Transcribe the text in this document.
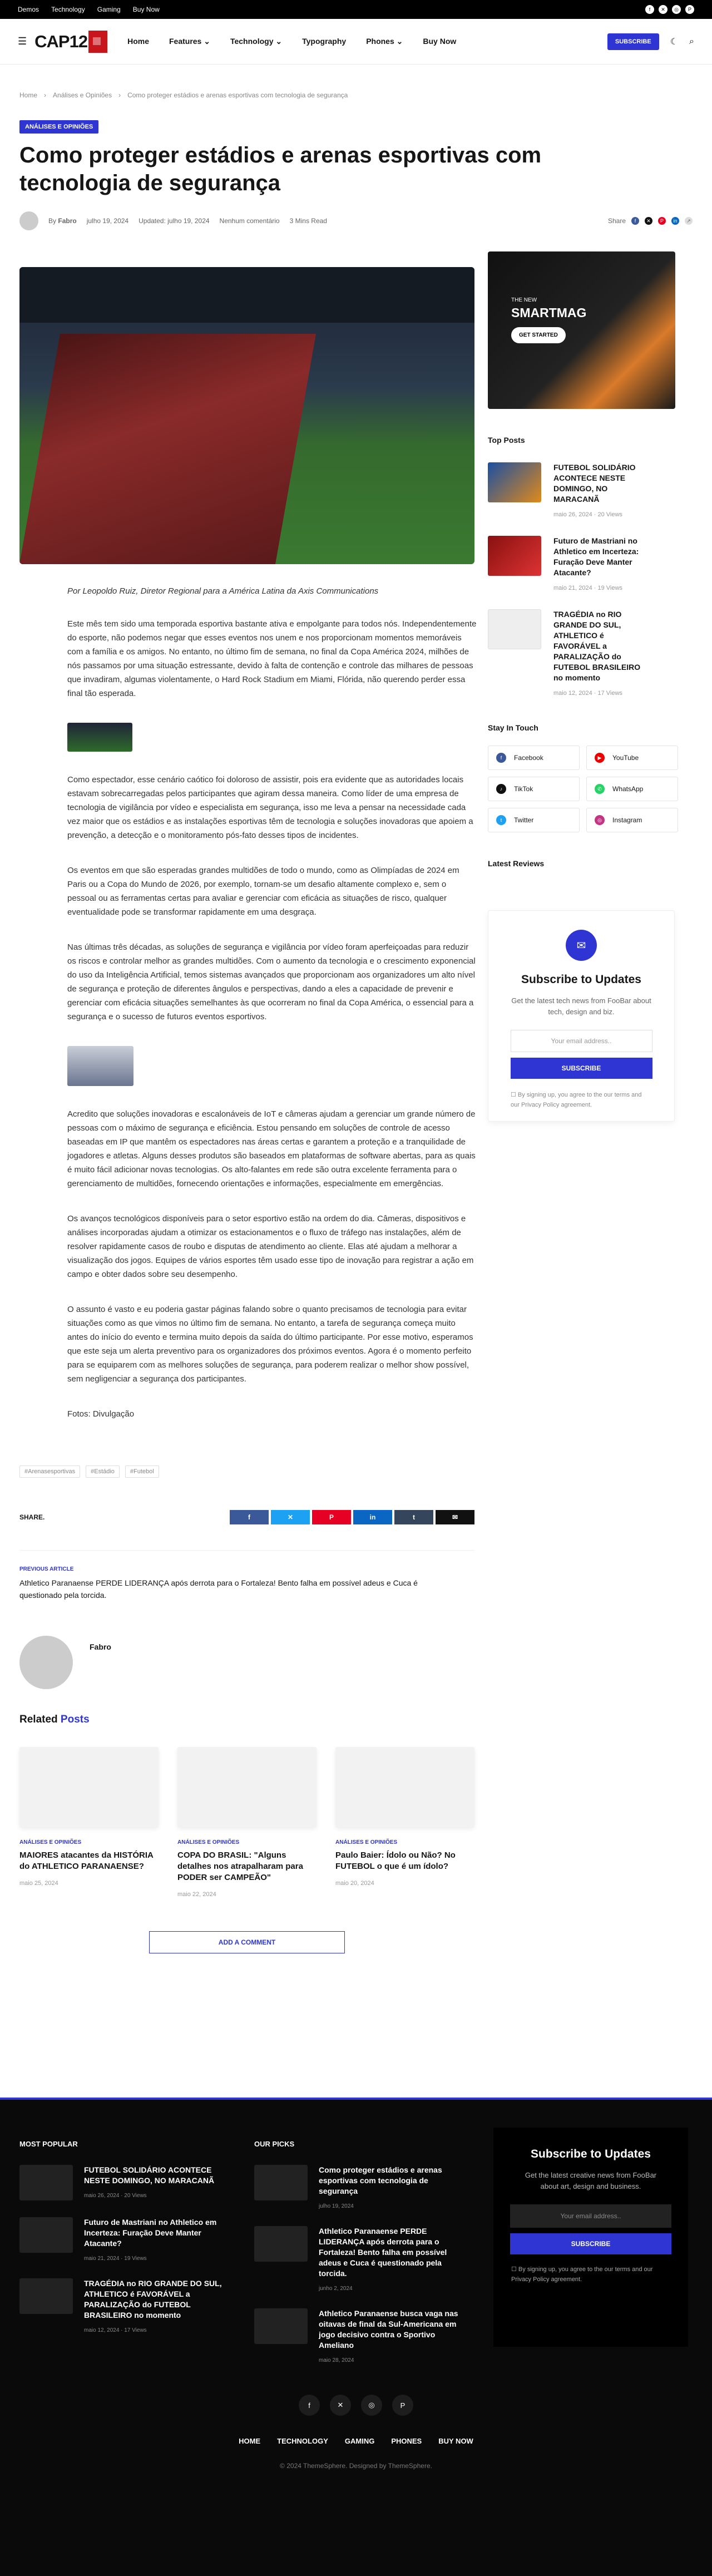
Demos Technology Gaming Buy Now	f	✕	◎	P
☰ CAP12	Home	Features ⌄	Technology ⌄	Typography	Phones ⌄	Buy Now	SUBSCRIBE	☾ ⌕
Home › Análises e Opiniões › Como proteger estádios e arenas esportivas com tecnologia de segurança
ANÁLISES E OPINIÕES
Como proteger estádios e arenas esportivas com tecnologia de segurança
By Fabro julho 19, 2024 Updated: julho 19, 2024 Nenhum comentário 3 Mins Read	Share	f	✕	P	in	↗

Por Leopoldo Ruiz, Diretor Regional para a América Latina da Axis Communications

Este mês tem sido uma temporada esportiva bastante ativa e empolgante para todos nós. Independentemente do esporte, não podemos negar que esses eventos nos unem e nos proporcionam momentos memoráveis com a família e os amigos. No entanto, no último fim de semana, no final da Copa América 2024, milhões de nós passamos por uma situação estressante, devido à falta de contenção e controle das milhares de pessoas que invadiram, algumas violentamente, o Hard Rock Stadium em Miami, Flórida, não querendo perder essa final tão esperada.

Como espectador, esse cenário caótico foi doloroso de assistir, pois era evidente que as autoridades locais estavam sobrecarregadas pelos participantes que agiram dessa maneira. Como líder de uma empresa de tecnologia de vigilância por vídeo e especialista em segurança, isso me leva a pensar na necessidade cada vez maior que os estádios e as instalações esportivas têm de tecnologia e soluções inovadoras que apoiem a prevenção, a detecção e o monitoramento pós-fato desses tipos de incidentes.

Os eventos em que são esperadas grandes multidões de todo o mundo, como as Olimpíadas de 2024 em Paris ou a Copa do Mundo de 2026, por exemplo, tornam-se um desafio altamente complexo e, sem o pessoal ou as ferramentas certas para avaliar e gerenciar com eficácia as situações de risco, qualquer eventualidade pode se transformar rapidamente em uma desgraça.

Nas últimas três décadas, as soluções de segurança e vigilância por vídeo foram aperfeiçoadas para reduzir os riscos e controlar melhor as grandes multidões. Com o aumento da tecnologia e o crescimento exponencial do uso da Inteligência Artificial, temos sistemas avançados que proporcionam aos organizadores um alto nível de segurança e proteção de diferentes ângulos e perspectivas, dando a eles a capacidade de prevenir e gerenciar com eficácia situações semelhantes às que ocorreram no final da Copa América, o essencial para a segurança e o sucesso de futuros eventos esportivos.

Acredito que soluções inovadoras e escalonáveis de IoT e câmeras ajudam a gerenciar um grande número de pessoas com o máximo de segurança e eficiência. Estou pensando em soluções de controle de acesso baseadas em IP que mantêm os espectadores nas áreas certas e garantem a proteção e a tranquilidade de jogadores e atletas. Alguns desses produtos são baseados em plataformas de software abertas, para as quais é muito fácil adicionar novas tecnologias. Os alto-falantes em rede são outra excelente ferramenta para o gerenciamento de multidões, fornecendo orientações e informações, especialmente em emergências.

Os avanços tecnológicos disponíveis para o setor esportivo estão na ordem do dia. Câmeras, dispositivos e análises incorporadas ajudam a otimizar os estacionamentos e o fluxo de tráfego nas instalações, além de resolver rapidamente casos de roubo e disputas de atendimento ao cliente. Elas até ajudam a melhorar a visualização dos jogos. Equipes de vários esportes têm usado esse tipo de inovação para registrar a ação em campo e obter dados sobre seu desempenho.

O assunto é vasto e eu poderia gastar páginas falando sobre o quanto precisamos de tecnologia para evitar situações como as que vimos no último fim de semana. No entanto, a tarefa de segurança começa muito antes do início do evento e termina muito depois da saída do último participante. Por esse motivo, esperamos que este seja um alerta preventivo para os organizadores dos próximos eventos. Agora é o momento perfeito para se equiparem com as melhores soluções de segurança, para poderem realizar o melhor show possível, sem negligenciar a segurança dos participantes.

Fotos: Divulgação

#Arenasesportivas	#Estádio	#Futebol
SHARE.	f	✕	P	in	t	✉
PREVIOUS ARTICLE
Athletico Paranaense PERDE LIDERANÇA após derrota para o Fortaleza! Bento falha em possível adeus e Cuca é questionado pela torcida.
Fabro
Related Posts
ANÁLISES E OPINIÕES
MAIORES atacantes da HISTÓRIA do ATHLETICO PARANAENSE?
maio 25, 2024
ANÁLISES E OPINIÕES
COPA DO BRASIL: "Alguns detalhes nos atrapalharam para PODER ser CAMPEÃO"
maio 22, 2024
ANÁLISES E OPINIÕES
Paulo Baier: Ídolo ou Não? No FUTEBOL o que é um ídolo?
maio 20, 2024
ADD A COMMENT
THE NEW
SMARTMAG
GET STARTED
Top Posts
FUTEBOL SOLIDÁRIO ACONTECE NESTE DOMINGO, NO MARACANÃ
maio 26, 2024 · 20 Views
Futuro de Mastriani no Athletico em Incerteza: Furação Deve Manter Atacante?
maio 21, 2024 · 19 Views
TRAGÉDIA no RIO GRANDE DO SUL, ATHLETICO é FAVORÁVEL a PARALIZAÇÃO do FUTEBOL BRASILEIRO no momento
maio 12, 2024 · 17 Views
Stay In Touch
f	Facebook	▶	YouTube
♪	TikTok	✆	WhatsApp
t	Twitter	◎	Instagram
Latest Reviews
✉
Subscribe to Updates

Get the latest tech news from FooBar about tech, design and biz.

Your email address..
SUBSCRIBE
☐ By signing up, you agree to the our terms and our Privacy Policy agreement.
MOST POPULAR
FUTEBOL SOLIDÁRIO ACONTECE NESTE DOMINGO, NO MARACANÃ
maio 26, 2024 · 20 Views
Futuro de Mastriani no Athletico em Incerteza: Furação Deve Manter Atacante?
maio 21, 2024 · 19 Views
TRAGÉDIA no RIO GRANDE DO SUL, ATHLETICO é FAVORÁVEL a PARALIZAÇÃO do FUTEBOL BRASILEIRO no momento
maio 12, 2024 · 17 Views
OUR PICKS
Como proteger estádios e arenas esportivas com tecnologia de segurança
julho 19, 2024
Athletico Paranaense PERDE LIDERANÇA após derrota para o Fortaleza! Bento falha em possível adeus e Cuca é questionado pela torcida.
junho 2, 2024
Athletico Paranaense busca vaga nas oitavas de final da Sul-Americana em jogo decisivo contra o Sportivo Ameliano
maio 28, 2024
Subscribe to Updates

Get the latest creative news from FooBar about art, design and business.

Your email address..
SUBSCRIBE
☐ By signing up, you agree to the our terms and our Privacy Policy agreement.
f	✕	◎	P
HOME TECHNOLOGY GAMING PHONES BUY NOW
© 2024 ThemeSphere. Designed by ThemeSphere.
